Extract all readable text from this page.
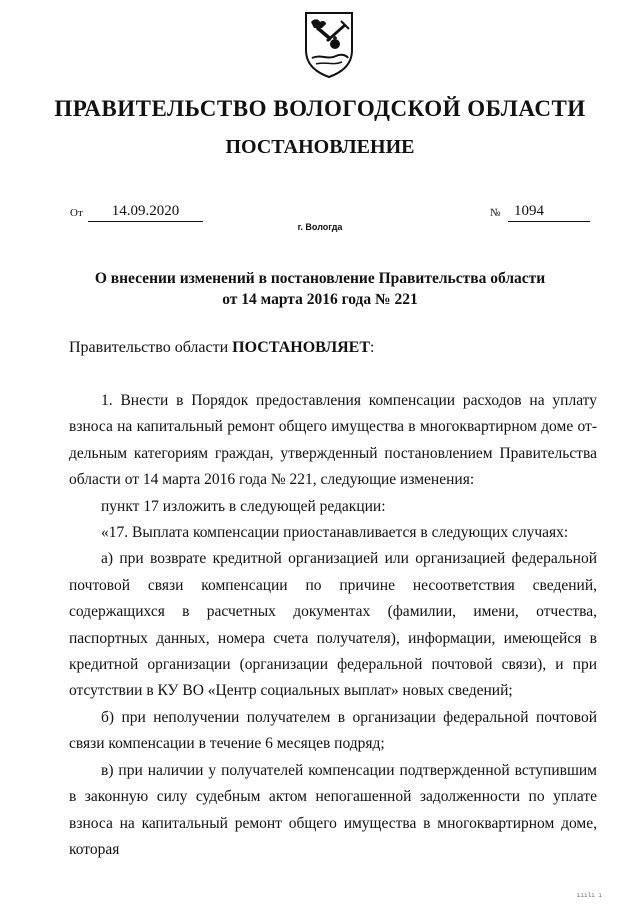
ПРАВИТЕЛЬСТВО ВОЛОГОДСКОЙ ОБЛАСТИ
ПОСТАНОВЛЕНИЕ
От	14.09.2020	№ 1094
г. Вологда
О внесении изменений в постановление Правительства области
от 14 марта 2016 года № 221
Правительство области ПОСТАНОВЛЯЕТ:

1. Внести в Порядок предоставления компенсации расходов на уплату взноса на капитальный ремонт общего имущества в многоквартирном доме отдельным категориям граждан, утвержденный постановлением Правительства области от 14 марта 2016 года № 221, следующие изменения:

пункт 17 изложить в следующей редакции:

«17. Выплата компенсации приостанавливается в следующих случаях:

а) при возврате кредитной организацией или организацией федеральной почтовой связи компенсации по причине несоответствия сведений, содержащихся в расчетных документах (фамилии, имени, отчества, паспортных данных, номера счета получателя), информации, имеющейся в кредитной организации (организации федеральной почтовой связи), и при отсутствии в КУ ВО «Центр социальных выплат» новых сведений;

б) при неполучении получателем в организации федеральной почтовой связи компенсации в течение 6 месяцев подряд;

в) при наличии у получателей компенсации подтвержденной вступившим в законную силу судебным актом непогашенной задолженности по уплате взноса на капитальный ремонт общего имущества в многоквартирном доме, которая

ııılı ı
